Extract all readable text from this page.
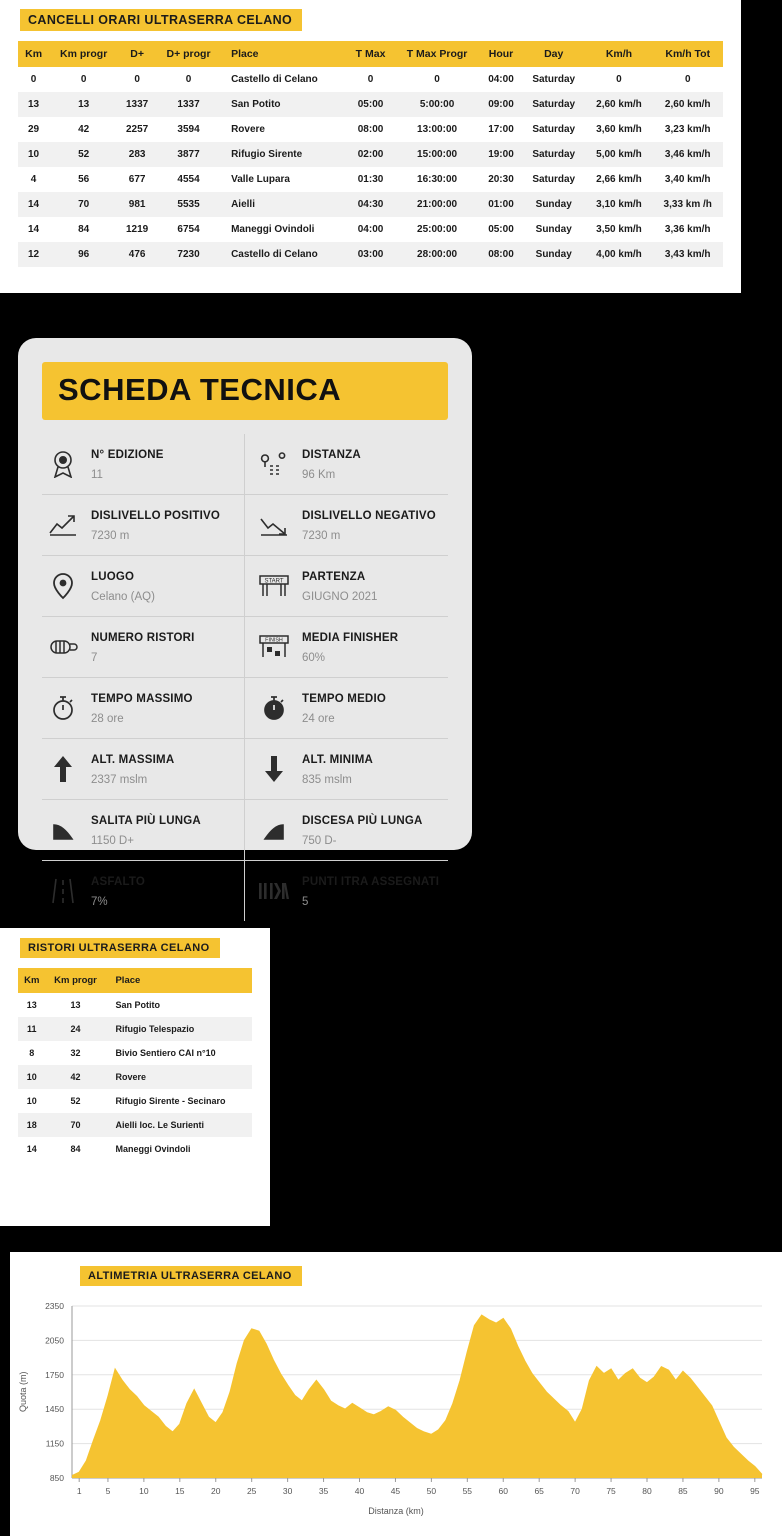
CANCELLI ORARI ULTRASERRA CELANO
Km	Km progr	D+	D+ progr	Place	T Max	T Max Progr	Hour	Day	Km/h	Km/h Tot
0	0	0	0	Castello di Celano	0	0	04:00	Saturday	0	0
13	13	1337	1337	San Potito	05:00	5:00:00	09:00	Saturday	2,60 km/h	2,60 km/h
29	42	2257	3594	Rovere	08:00	13:00:00	17:00	Saturday	3,60 km/h	3,23 km/h
10	52	283	3877	Rifugio Sirente	02:00	15:00:00	19:00	Saturday	5,00 km/h	3,46 km/h
4	56	677	4554	Valle Lupara	01:30	16:30:00	20:30	Saturday	2,66 km/h	3,40 km/h
14	70	981	5535	Aielli	04:30	21:00:00	01:00	Sunday	3,10 km/h	3,33 km /h
14	84	1219	6754	Maneggi Ovindoli	04:00	25:00:00	05:00	Sunday	3,50 km/h	3,36 km/h
12	96	476	7230	Castello di Celano	03:00	28:00:00	08:00	Sunday	4,00 km/h	3,43 km/h
SCHEDA TECNICA
N° EDIZIONE
11
DISTANZA
96 Km
DISLIVELLO POSITIVO
7230 m
DISLIVELLO NEGATIVO
7230 m
LUOGO
Celano (AQ)
START PARTENZA
GIUGNO 2021
NUMERO RISTORI
7
FINISH MEDIA FINISHER
60%
TEMPO MASSIMO
28 ore
TEMPO MEDIO
24 ore
ALT. MASSIMA
2337 mslm
ALT. MINIMA
835 mslm
SALITA PIÙ LUNGA
1150 D+
DISCESA PIÙ LUNGA
750 D-
ASFALTO
7%
PUNTI ITRA ASSEGNATI
5
RISTORI ULTRASERRA CELANO
Km	Km progr	Place
13	13	San Potito
11	24	Rifugio Telespazio
8	32	Bivio Sentiero CAI n°10
10	42	Rovere
10	52	Rifugio Sirente - Secinaro
18	70	Aielli loc. Le Surienti
14	84	Maneggi Ovindoli
ALTIMETRIA ULTRASERRA CELANO
Quota (m)
Distanza (km)
850
1150
1450
1750
2050
2350
1	5	10	15	20	25	30	35	40	45	50	55	60	65	70	75	80	85	90	95
